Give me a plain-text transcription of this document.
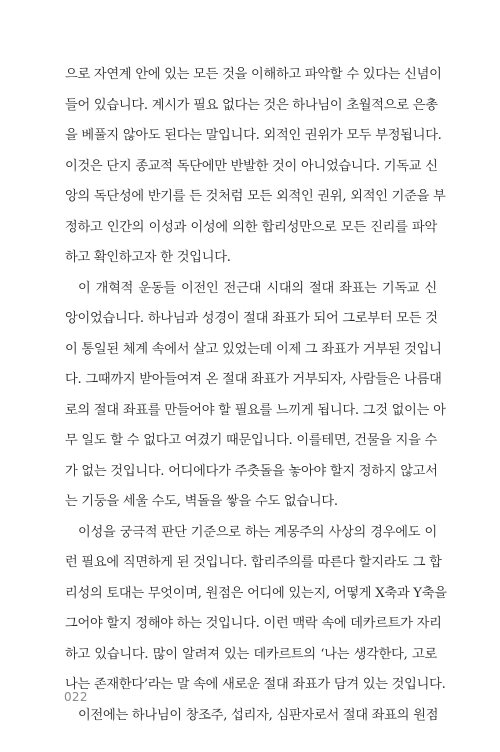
으로 자연계 안에 있는 모든 것을 이해하고 파악할 수 있다는 신념이
들어 있습니다. 계시가 필요 없다는 것은 하나님이 초월적으로 은총
을 베풀지 않아도 된다는 말입니다. 외적인 권위가 모두 부정됩니다.
이것은 단지 종교적 독단에만 반발한 것이 아니었습니다. 기독교 신
앙의 독단성에 반기를 든 것처럼 모든 외적인 권위, 외적인 기준을 부
정하고 인간의 이성과 이성에 의한 합리성만으로 모든 진리를 파악
하고 확인하고자 한 것입니다.
이 개혁적 운동들 이전인 전근대 시대의 절대 좌표는 기독교 신
앙이었습니다. 하나님과 성경이 절대 좌표가 되어 그로부터 모든 것
이 통일된 체계 속에서 살고 있었는데 이제 그 좌표가 거부된 것입니
다. 그때까지 받아들여져 온 절대 좌표가 거부되자, 사람들은 나름대
로의 절대 좌표를 만들어야 할 필요를 느끼게 됩니다. 그것 없이는 아
무 일도 할 수 없다고 여겼기 때문입니다. 이를테면, 건물을 지을 수
가 없는 것입니다. 어디에다가 주춧돌을 놓아야 할지 정하지 않고서
는 기둥을 세울 수도, 벽돌을 쌓을 수도 없습니다.
이성을 궁극적 판단 기준으로 하는 계몽주의 사상의 경우에도 이
런 필요에 직면하게 된 것입니다. 합리주의를 따른다 할지라도 그 합
리성의 토대는 무엇이며, 원점은 어디에 있는지, 어떻게 X축과 Y축을
그어야 할지 정해야 하는 것입니다. 이런 맥락 속에 데카르트가 자리
하고 있습니다. 많이 알려져 있는 데카르트의 ‘나는 생각한다, 고로
나는 존재한다’라는 말 속에 새로운 절대 좌표가 담겨 있는 것입니다.
이전에는 하나님이 창조주, 섭리자, 심판자로서 절대 좌표의 원점
022
